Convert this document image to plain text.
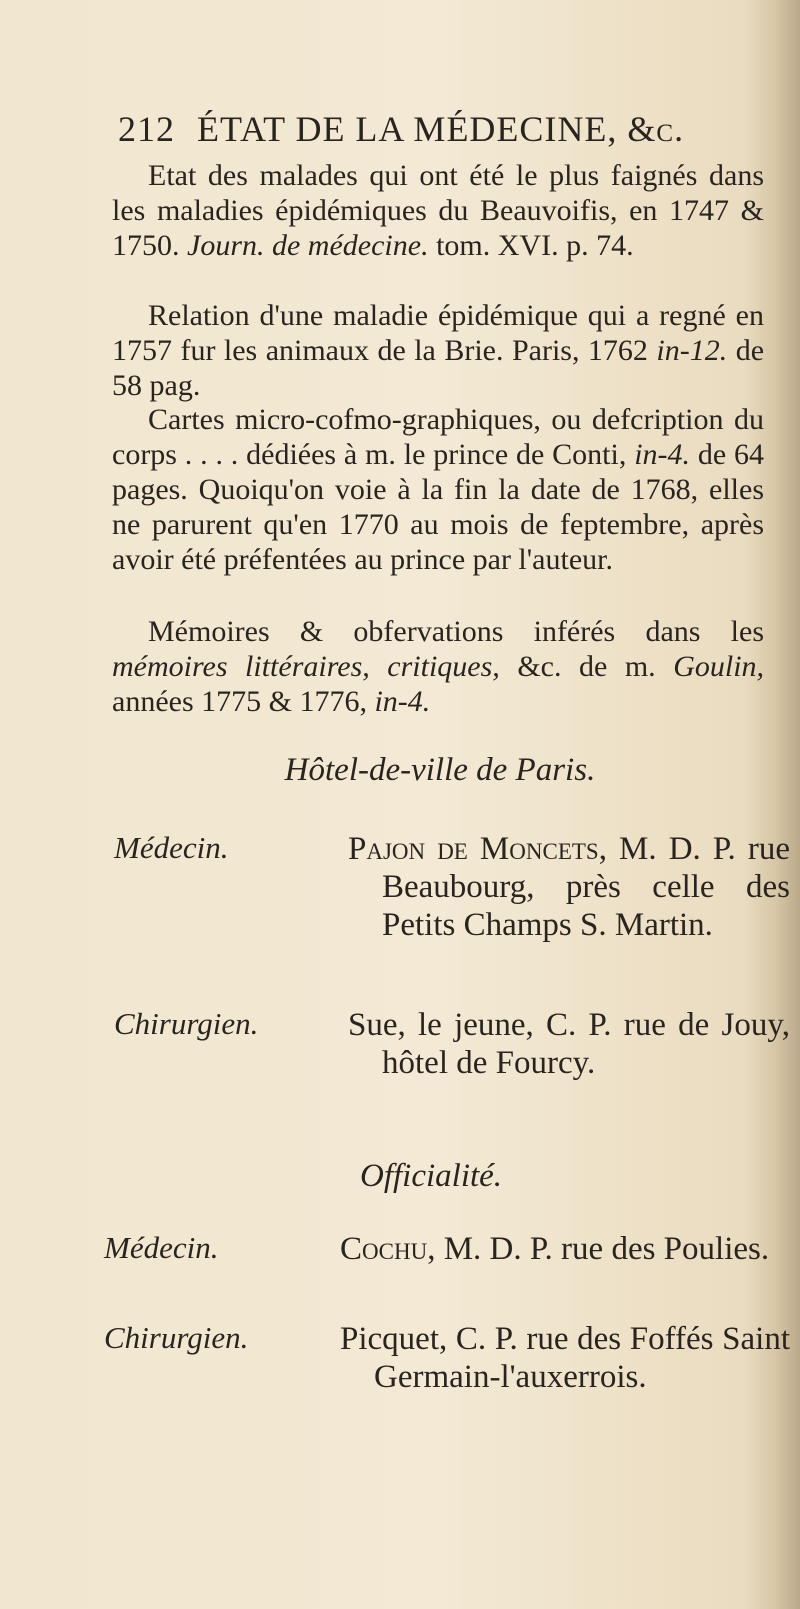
212 ÉTAT DE LA MÉDECINE, &c.

Etat des malades qui ont été le plus faignés dans les maladies épidémiques du Beauvoifis, en 1747 & 1750. Journ. de médecine. tom. XVI. p. 74.

Relation d'une maladie épidémique qui a regné en 1757 fur les animaux de la Brie. Paris, 1762 in-12. de 58 pag.

Cartes micro-cofmo-graphiques, ou defcription du corps . . . . dédiées à m. le prince de Conti, in-4. de 64 pages. Quoiqu'on voie à la fin la date de 1768, elles ne parurent qu'en 1770 au mois de feptembre, après avoir été préfentées au prince par l'auteur.

Mémoires & obfervations inférés dans les mémoires littéraires, critiques, &c. de m. Goulin, années 1775 & 1776, in-4.

Hôtel-de-ville de Paris.
Médecin.	Pajon de Moncets, M. D. P. rue Beaubourg, près celle des Petits Champs S. Martin.
Chirurgien.	Sue, le jeune, C. P. rue de Jouy, hôtel de Fourcy.
Officialité.
Médecin.	Cochu, M. D. P. rue des Poulies.
Chirurgien.	Picquet, C. P. rue des Foffés Saint Germain-l'auxerrois.
